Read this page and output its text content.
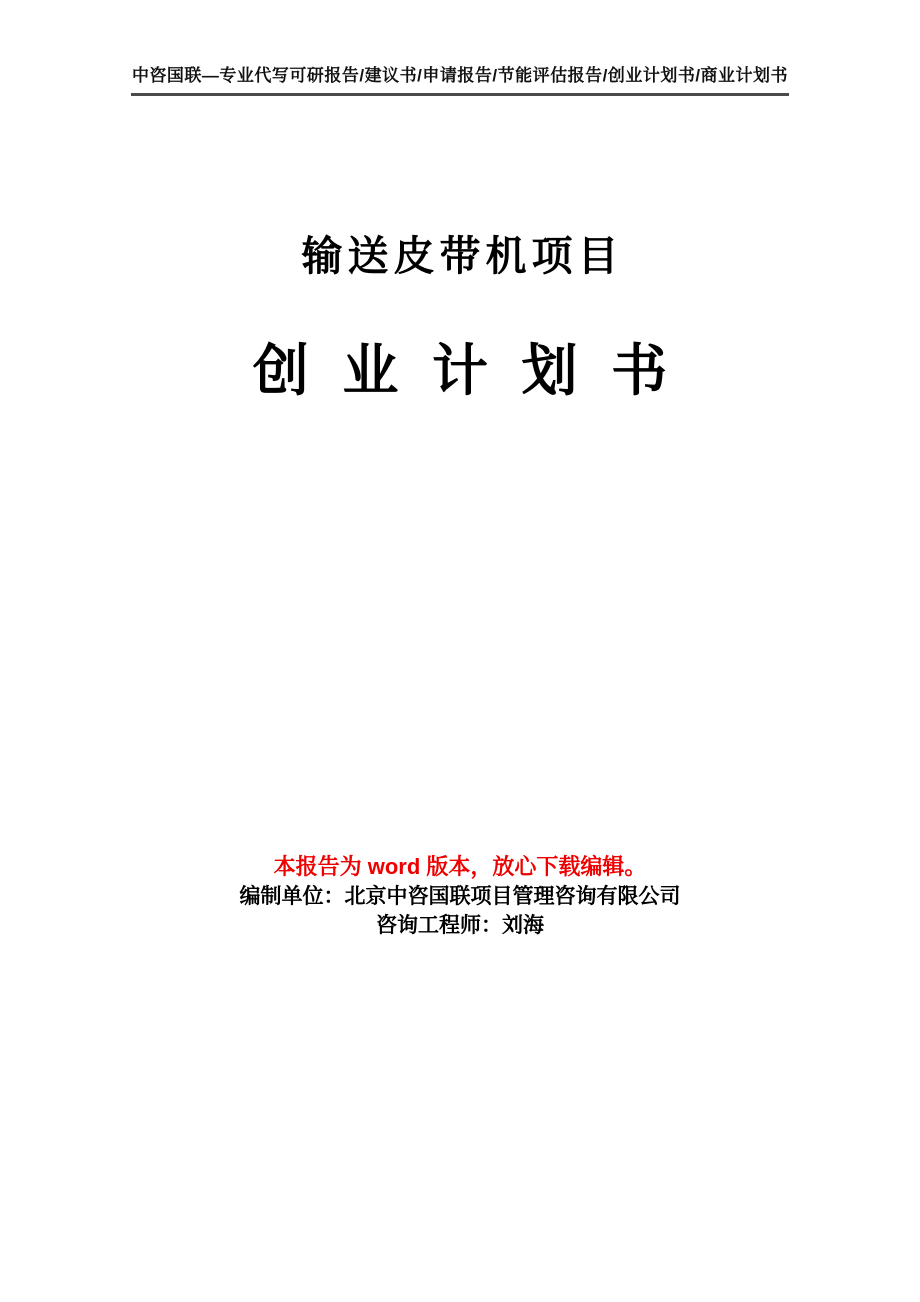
中咨国联—专业代写可研报告/建议书/申请报告/节能评估报告/创业计划书/商业计划书
输送皮带机项目
创 业 计 划 书

本报告为 word 版本，放心下载编辑。

编制单位：北京中咨国联项目管理咨询有限公司

咨询工程师：刘海
